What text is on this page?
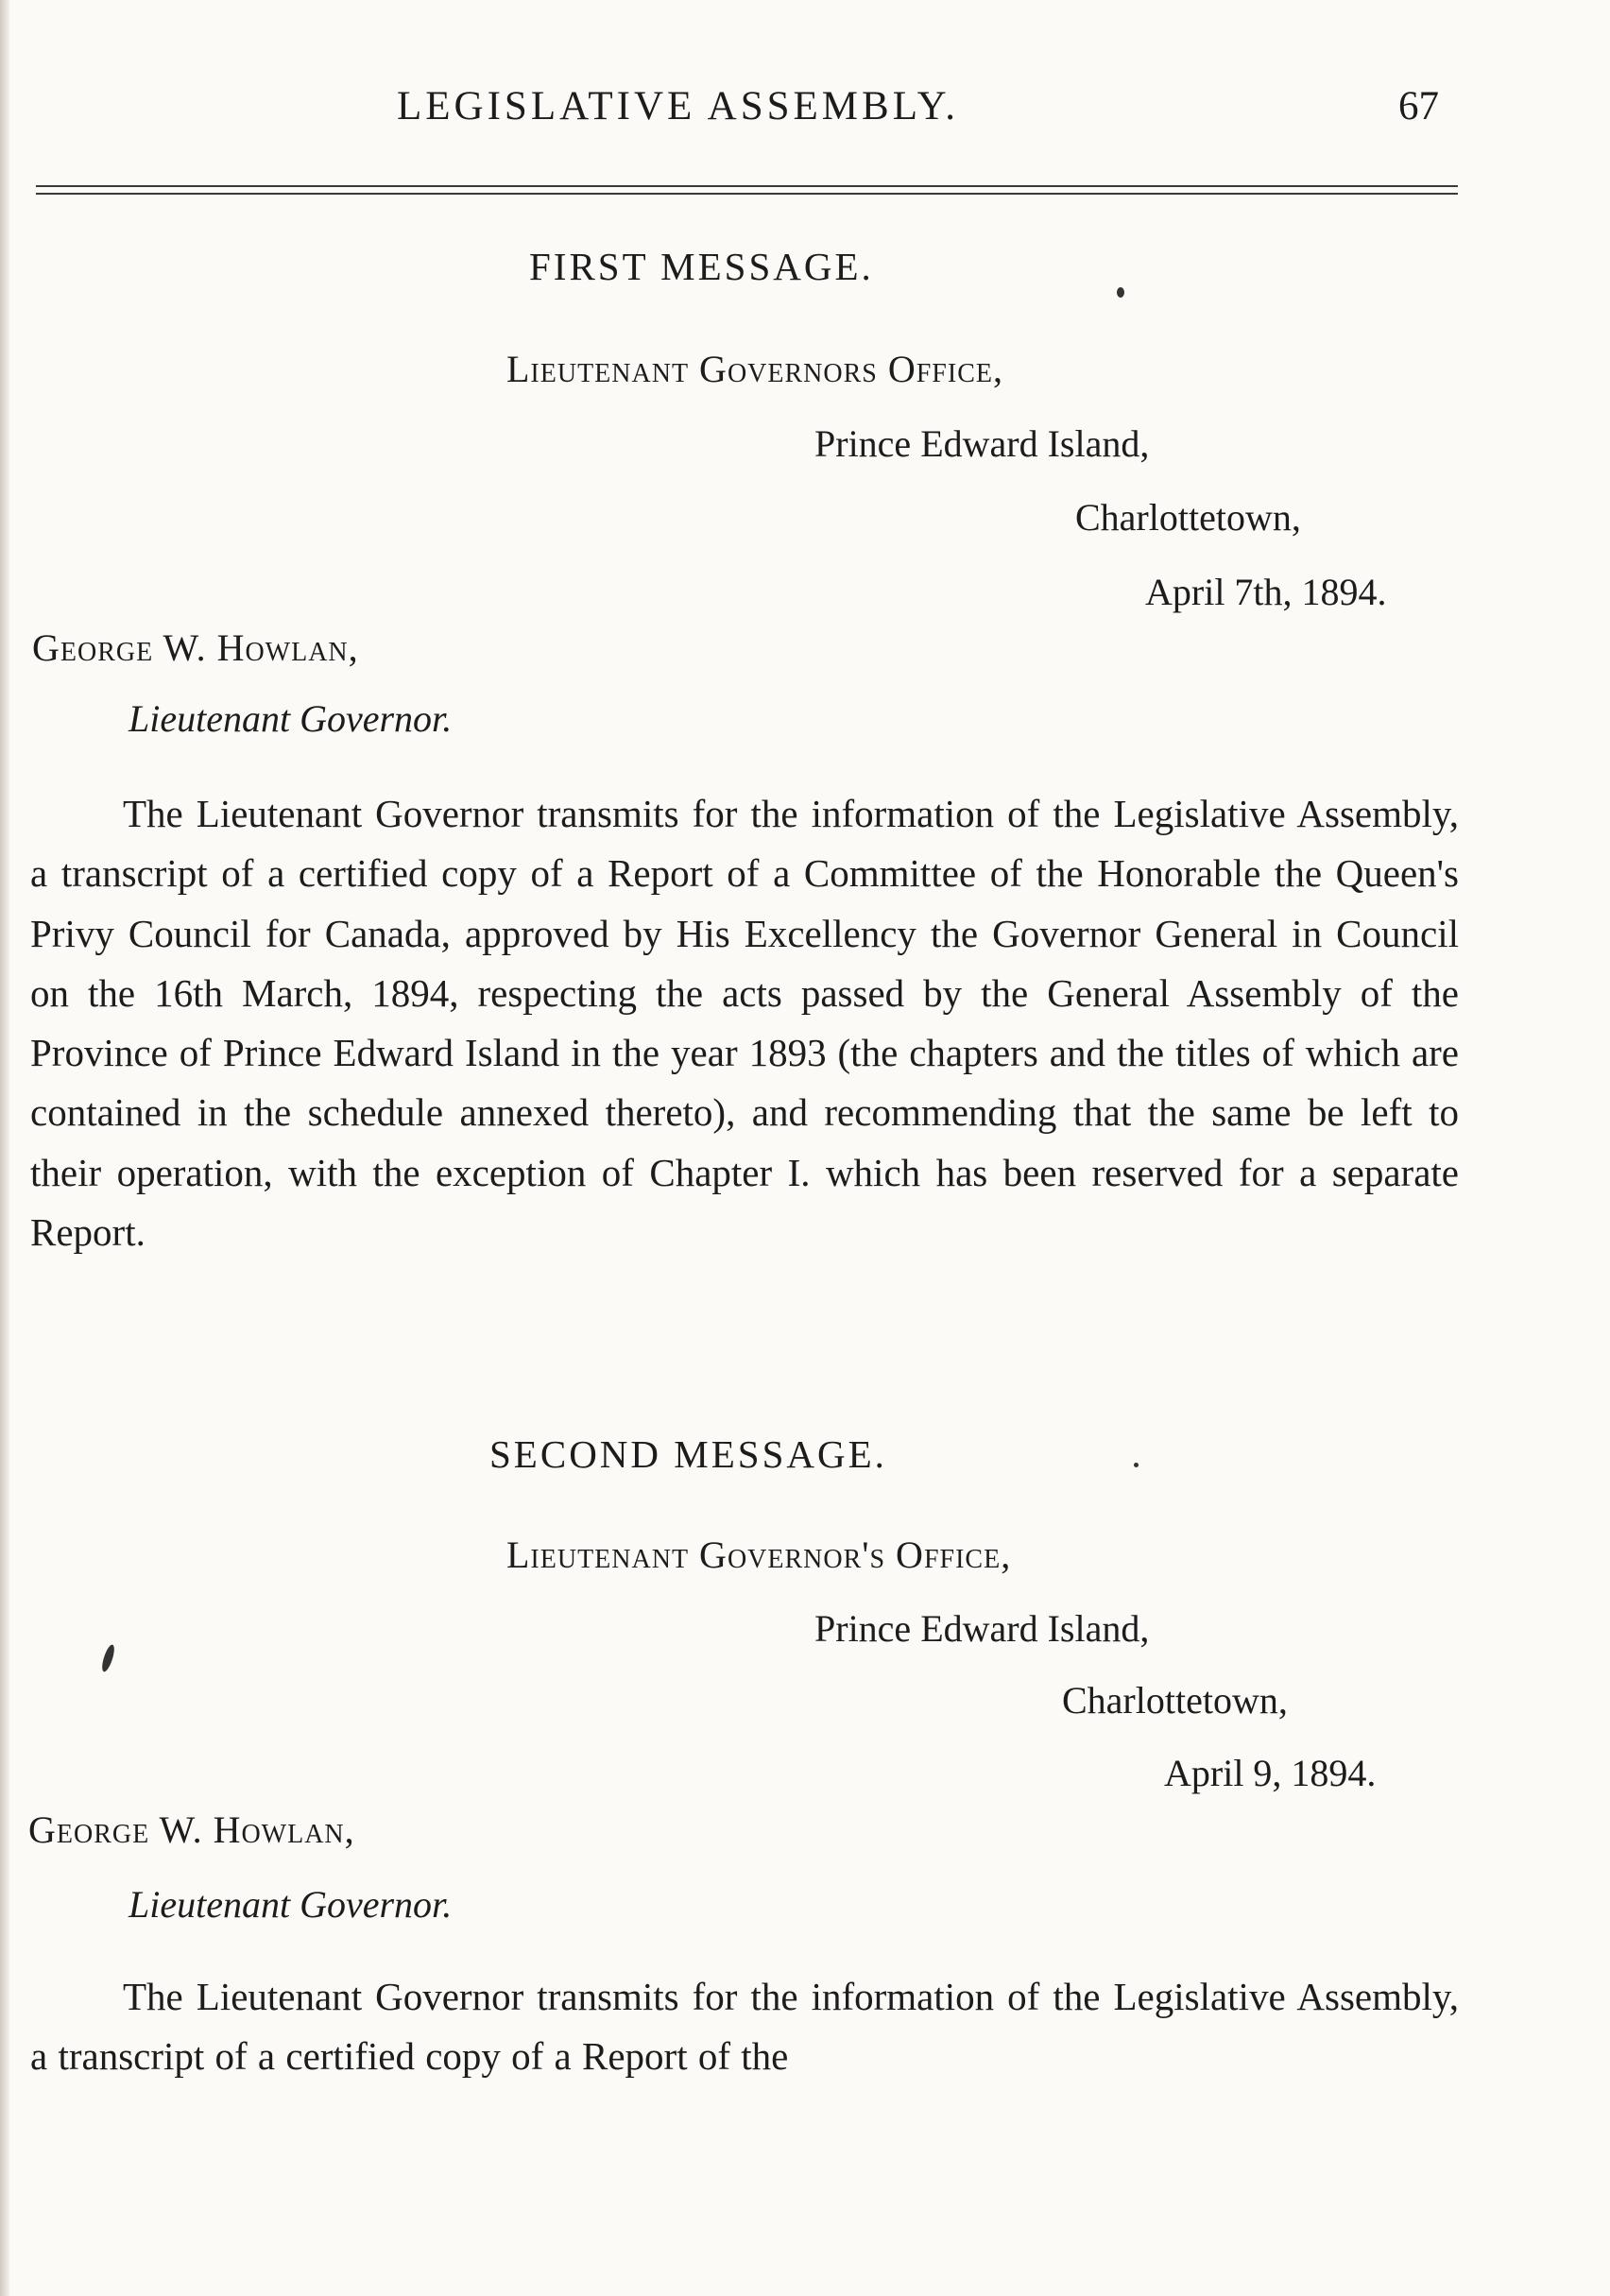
LEGISLATIVE ASSEMBLY.	67
FIRST MESSAGE.
Lieutenant Governors Office,
Prince Edward Island,
Charlottetown,
April 7th, 1894.
George W. Howlan,
Lieutenant Governor.

The Lieutenant Governor transmits for the information of the Legislative Assembly, a transcript of a certified copy of a Report of a Committee of the Honorable the Queen's Privy Council for Canada, approved by His Excellency the Governor General in Council on the 16th March, 1894, respecting the acts passed by the General Assembly of the Province of Prince Edward Island in the year 1893 (the chapters and the titles of which are contained in the schedule annexed thereto), and recommending that the same be left to their operation, with the exception of Chapter I. which has been reserved for a separate Report.

SECOND MESSAGE.
Lieutenant Governor's Office,
Prince Edward Island,
Charlottetown,
April 9, 1894.
George W. Howlan,
Lieutenant Governor.

The Lieutenant Governor transmits for the information of the Legislative Assembly, a transcript of a certified copy of a Report of the
